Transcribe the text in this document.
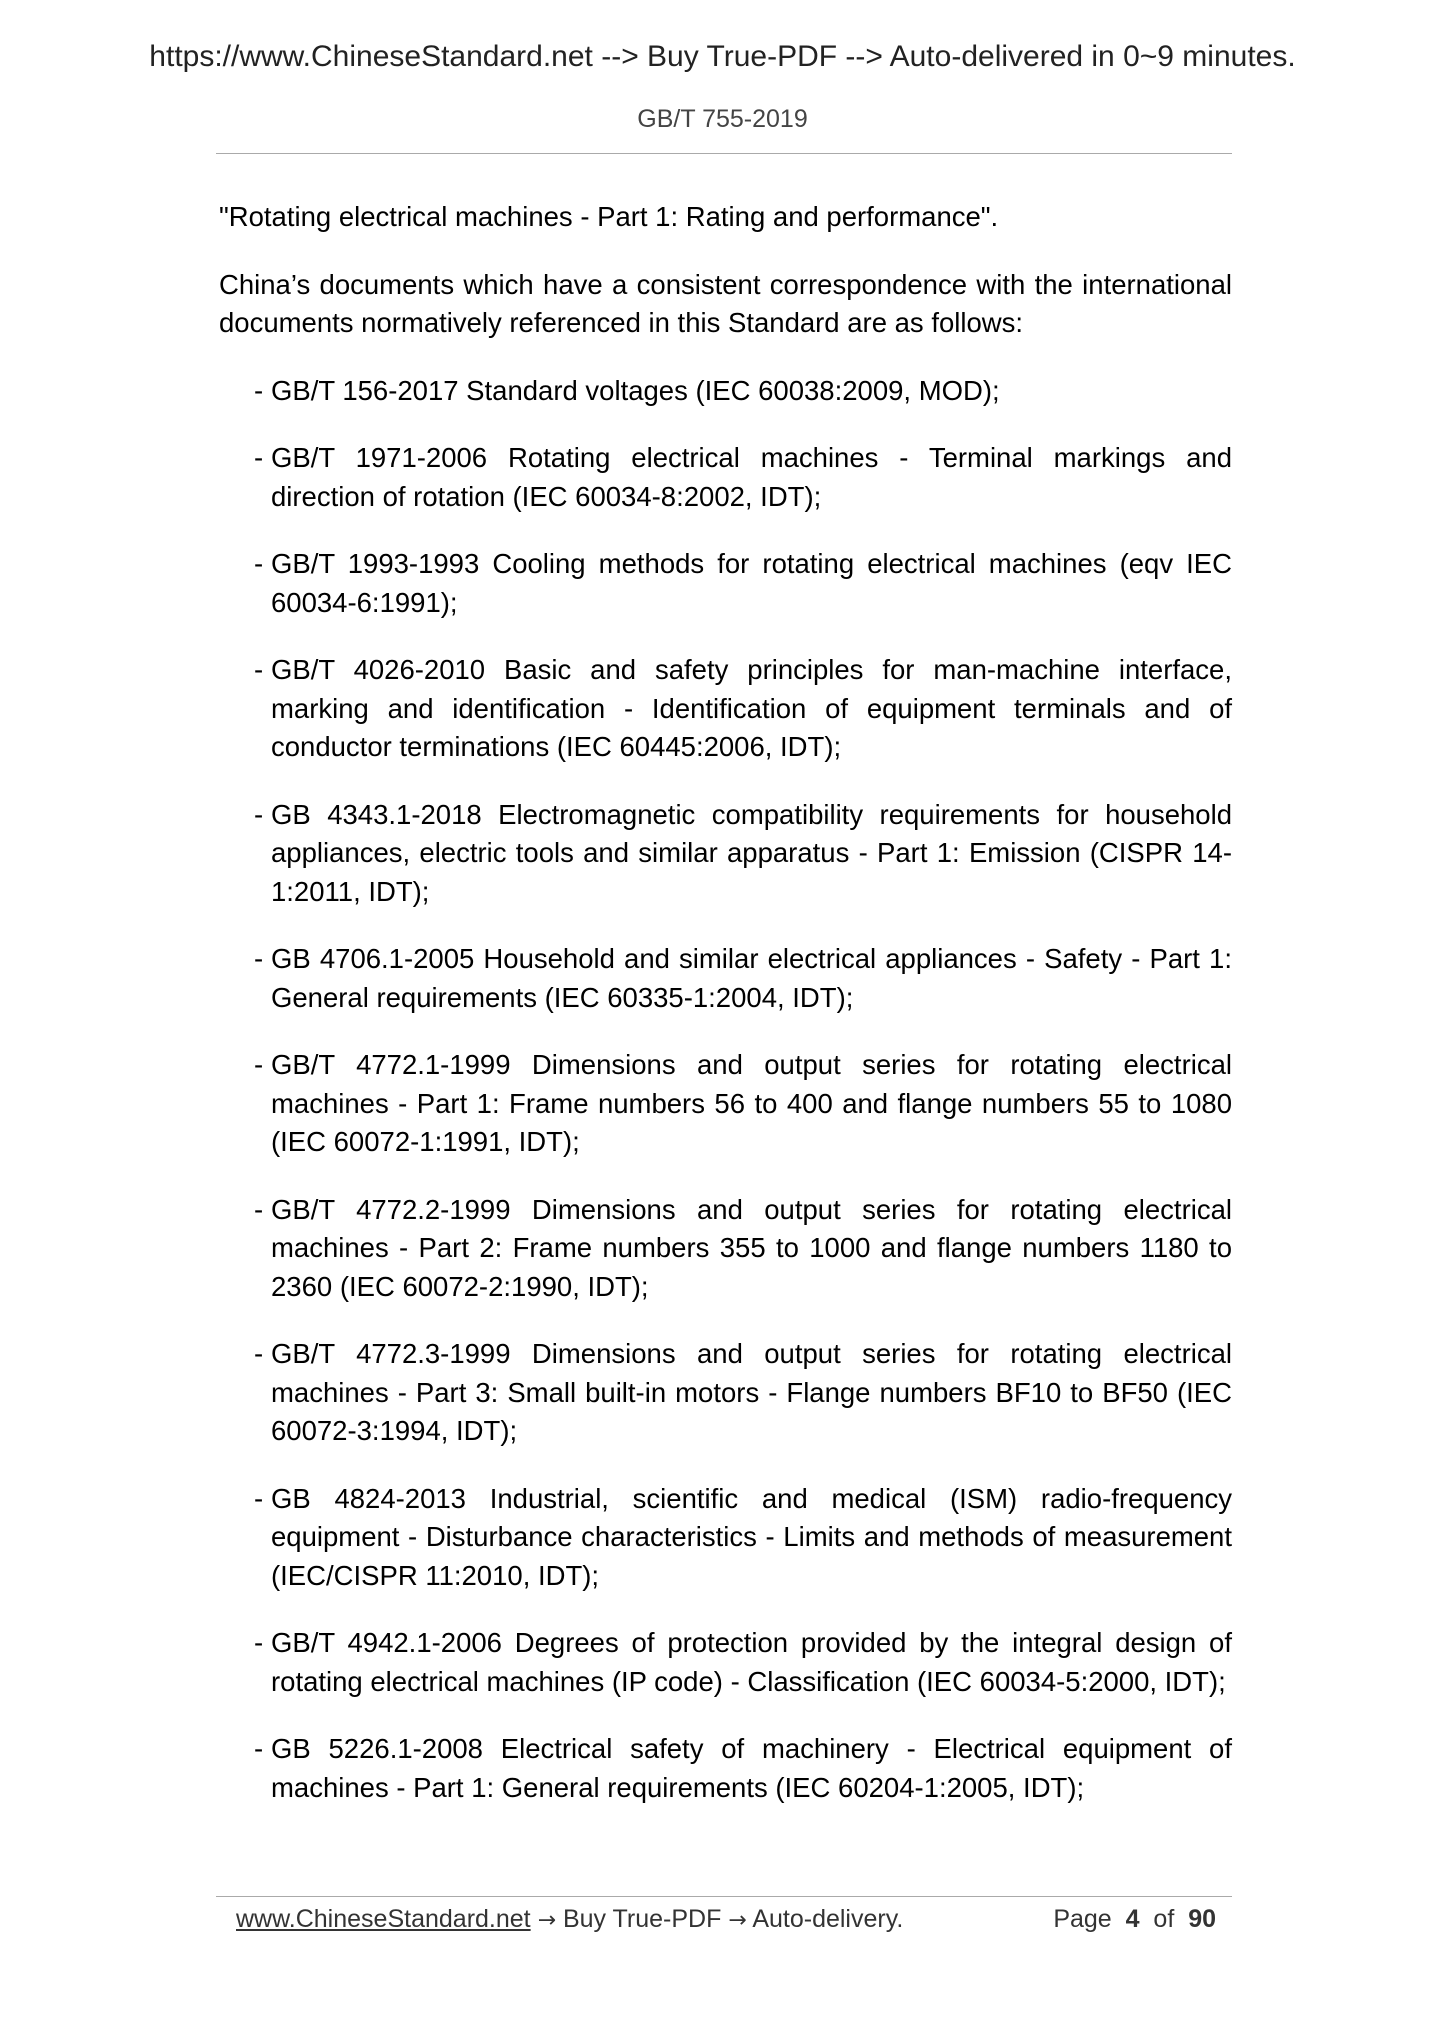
https://www.ChineseStandard.net --> Buy True-PDF --> Auto-delivered in 0~9 minutes.
GB/T 755-2019

"Rotating electrical machines - Part 1: Rating and performance".

China’s documents which have a consistent correspondence with the international documents normatively referenced in this Standard are as follows:

- GB/T 156-2017 Standard voltages (IEC 60038:2009, MOD);
- GB/T 1971-2006 Rotating electrical machines - Terminal markings and direction of rotation (IEC 60034-8:2002, IDT);
- GB/T 1993-1993 Cooling methods for rotating electrical machines (eqv IEC 60034-6:1991);
- GB/T 4026-2010 Basic and safety principles for man-machine interface, marking and identification - Identification of equipment terminals and of conductor terminations (IEC 60445:2006, IDT);
- GB 4343.1-2018 Electromagnetic compatibility requirements for household appliances, electric tools and similar apparatus - Part 1: Emission (CISPR 14-1:2011, IDT);
- GB 4706.1-2005 Household and similar electrical appliances - Safety - Part 1: General requirements (IEC 60335-1:2004, IDT);
- GB/T 4772.1-1999 Dimensions and output series for rotating electrical machines - Part 1: Frame numbers 56 to 400 and flange numbers 55 to 1080 (IEC 60072-1:1991, IDT);
- GB/T 4772.2-1999 Dimensions and output series for rotating electrical machines - Part 2: Frame numbers 355 to 1000 and flange numbers 1180 to 2360 (IEC 60072-2:1990, IDT);
- GB/T 4772.3-1999 Dimensions and output series for rotating electrical machines - Part 3: Small built-in motors - Flange numbers BF10 to BF50 (IEC 60072-3:1994, IDT);
- GB 4824-2013 Industrial, scientific and medical (ISM) radio-frequency equipment - Disturbance characteristics - Limits and methods of measurement (IEC/CISPR 11:2010, IDT);
- GB/T 4942.1-2006 Degrees of protection provided by the integral design of rotating electrical machines (IP code) - Classification (IEC 60034-5:2000, IDT);
- GB 5226.1-2008 Electrical safety of machinery - Electrical equipment of machines - Part 1: General requirements (IEC 60204-1:2005, IDT);
www.ChineseStandard.net → Buy True-PDF → Auto-delivery.	Page 4 of 90
